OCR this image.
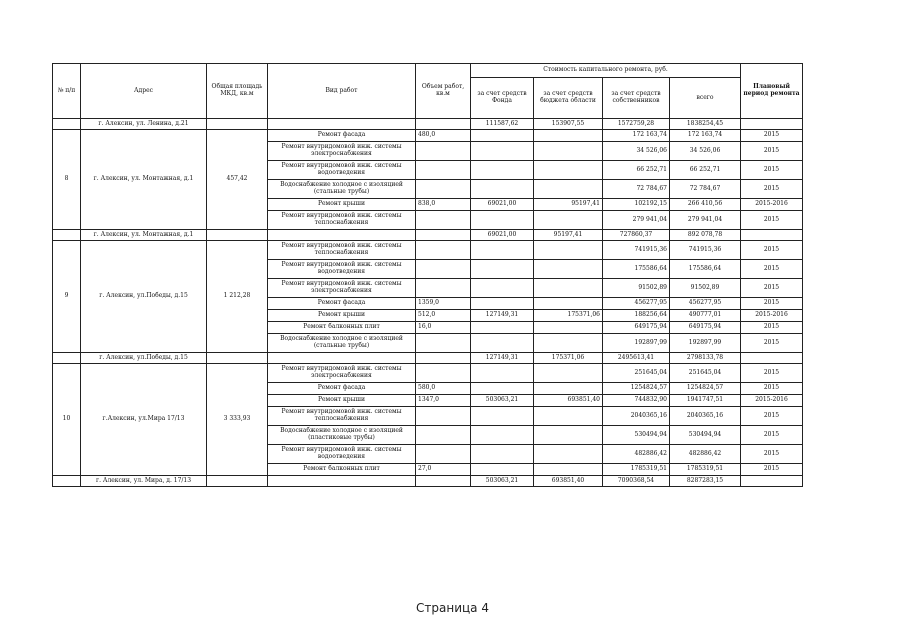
№ п/п	Адрес	Общая площадь МКД, кв.м	Вид работ	Объем работ, кв.м	Стоимость капитального ремонта, руб.				Плановый период ремонта
					за счет средств Фонда	за счет средств бюджета области	за счет средств собственников	всего	
	г. Алексин, ул. Ленина, д.21				111587,62	153907,55	1572759,28	1838254,45	
8	г. Алексин, ул. Монтажная, д.1	457,42	Ремонт фасада	480,0			172 163,74	172 163,74	2015
			Ремонт внутридомовой инж. системы электроснабжения				34 526,06	34 526,06	2015
			Ремонт внутридомовой инж. системы водоотведения				66 252,71	66 252,71	2015
			Водоснабжение холодное с изоляцией (стальные трубы)				72 784,67	72 784,67	2015
			Ремонт крыши	838,0	69021,00	95197,41	102192,15	266 410,56	2015-2016
			Ремонт внутридомовой инж. системы теплоснабжения				279 941,04	279 941,04	2015
	г. Алексин, ул. Монтажная, д.1				69021,00	95197,41	727860,37	892 078,78	
9	г. Алексин, ул.Победы, д.15	1 212,28	Ремонт внутридомовой инж. системы теплоснабжения				741915,36	741915,36	2015
			Ремонт внутридомовой инж. системы водоотведения				175586,64	175586,64	2015
			Ремонт внутридомовой инж. системы электроснабжения				91502,89	91502,89	2015
			Ремонт фасада	1359,0			456277,95	456277,95	2015
			Ремонт крыши	512,0	127149,31	175371,06	188256,64	490777,01	2015-2016
			Ремонт балконных плит	16,0			649175,94	649175,94	2015
			Водоснабжение холодное с изоляцией (стальные трубы)				192897,99	192897,99	2015
	г. Алексин, ул.Победы, д.15				127149,31	175371,06	2495613,41	2798133,78	
10	г.Алексин, ул.Мира 17/13	3 333,93	Ремонт внутридомовой инж. системы электроснабжения				251645,04	251645,04	2015
			Ремонт фасада	580,0			1254824,57	1254824,57	2015
			Ремонт крыши	1347,0	503063,21	693851,40	744832,90	1941747,51	2015-2016
			Ремонт внутридомовой инж. системы теплоснабжения				2040365,16	2040365,16	2015
			Водоснабжение холодное с изоляцией (пластиковые трубы)				530494,94	530494,94	2015
			Ремонт внутридомовой инж. системы водоотведения				482886,42	482886,42	2015
			Ремонт балконных плит	27,0			1785319,51	1785319,51	2015
	г. Алексин, ул. Мира, д. 17/13				503063,21	693851,40	7090368,54	8287283,15	
Страница 4
